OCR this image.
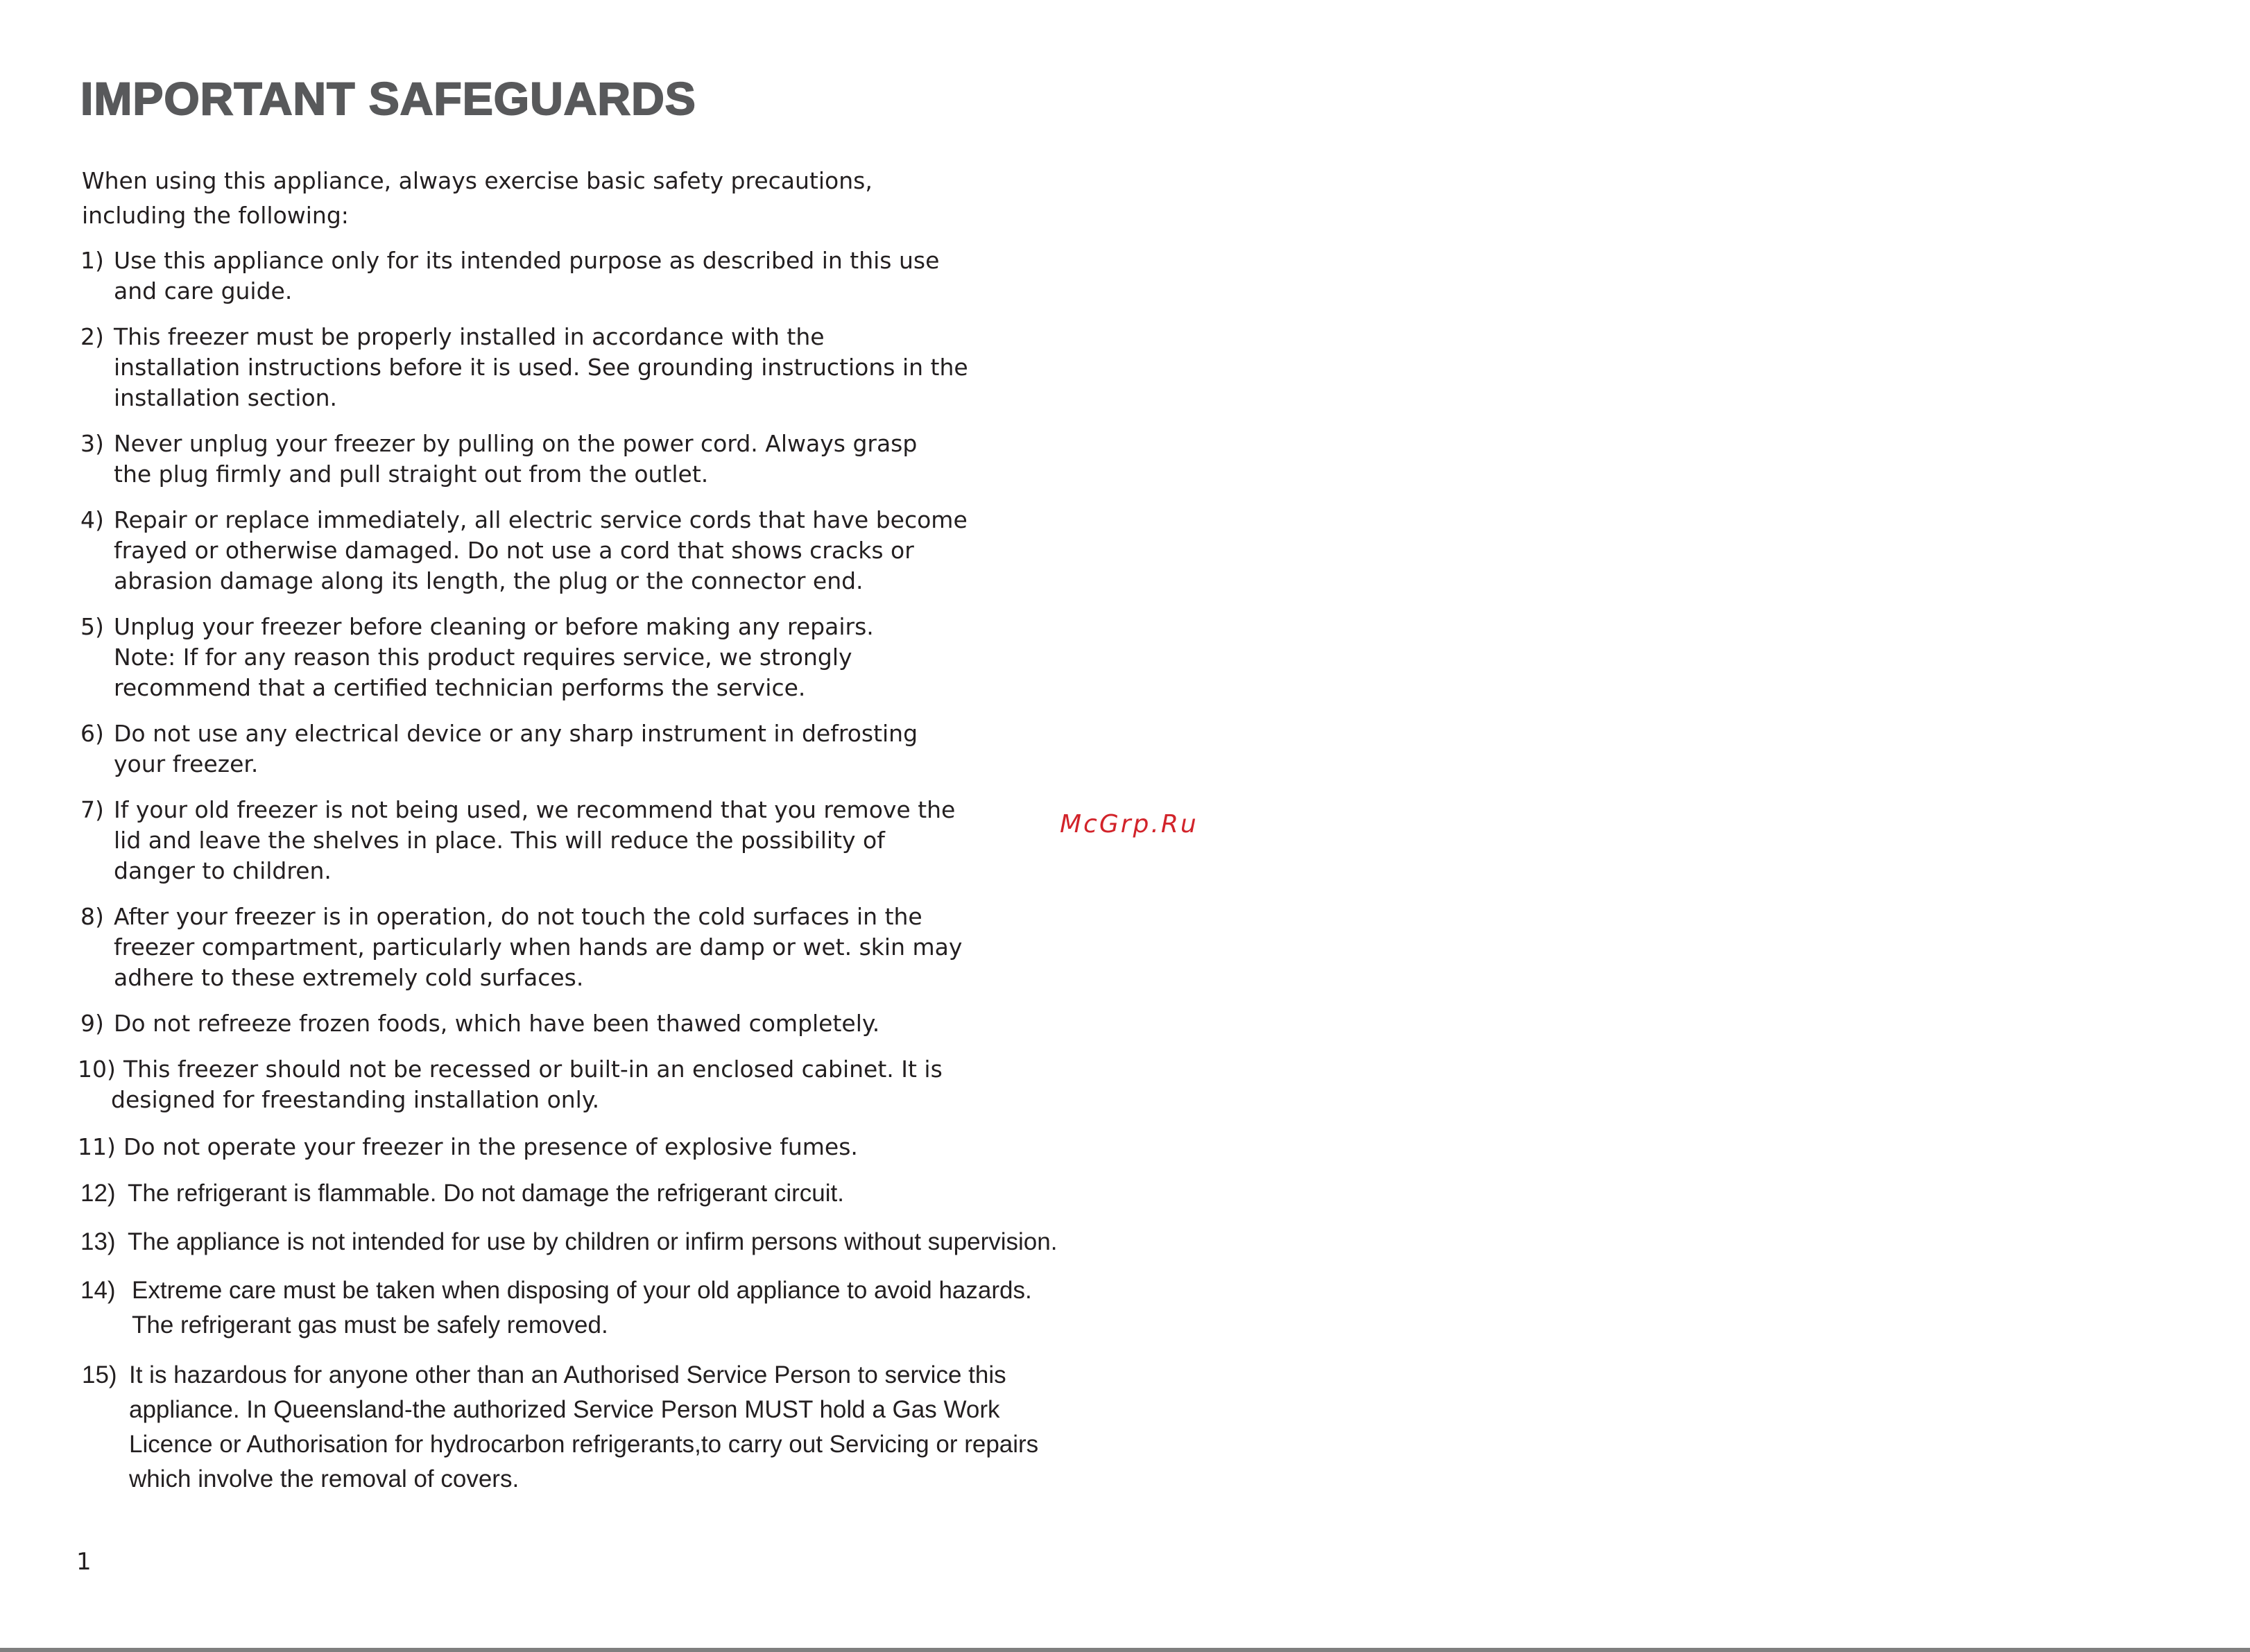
IMPORTANT SAFEGUARDS
When using this appliance, always exercise basic safety precautions,
including the following:
1) Use this appliance only for its intended purpose as described in this use
and care guide.
2) This freezer must be properly installed in accordance with the
installation instructions before it is used. See grounding instructions in the
installation section.
3) Never unplug your freezer by pulling on the power cord. Always grasp
the plug firmly and pull straight out from the outlet.
4) Repair or replace immediately, all electric service cords that have become
frayed or otherwise damaged. Do not use a cord that shows cracks or
abrasion damage along its length, the plug or the connector end.
5) Unplug your freezer before cleaning or before making any repairs.
Note: If for any reason this product requires service, we strongly
recommend that a certified technician performs the service.
6) Do not use any electrical device or any sharp instrument in defrosting
your freezer.
7) If your old freezer is not being used, we recommend that you remove the
lid and leave the shelves in place. This will reduce the possibility of
danger to children.
8) After your freezer is in operation, do not touch the cold surfaces in the
freezer compartment, particularly when hands are damp or wet. skin may
adhere to these extremely cold surfaces.
9) Do not refreeze frozen foods, which have been thawed completely.
10) This freezer should not be recessed or built-in an enclosed cabinet. It is
designed for freestanding installation only.
11) Do not operate your freezer in the presence of explosive fumes.
12) The refrigerant is flammable. Do not damage the refrigerant circuit.
13) The appliance is not intended for use by children or infirm persons without supervision.
14) Extreme care must be taken when disposing of your old appliance to avoid hazards.
The refrigerant gas must be safely removed.
15) It is hazardous for anyone other than an Authorised Service Person to service this
appliance. In Queensland-the authorized Service Person MUST hold a Gas Work
Licence or Authorisation for hydrocarbon refrigerants,to carry out Servicing or repairs
which involve the removal of covers.
McGrp.Ru
1
